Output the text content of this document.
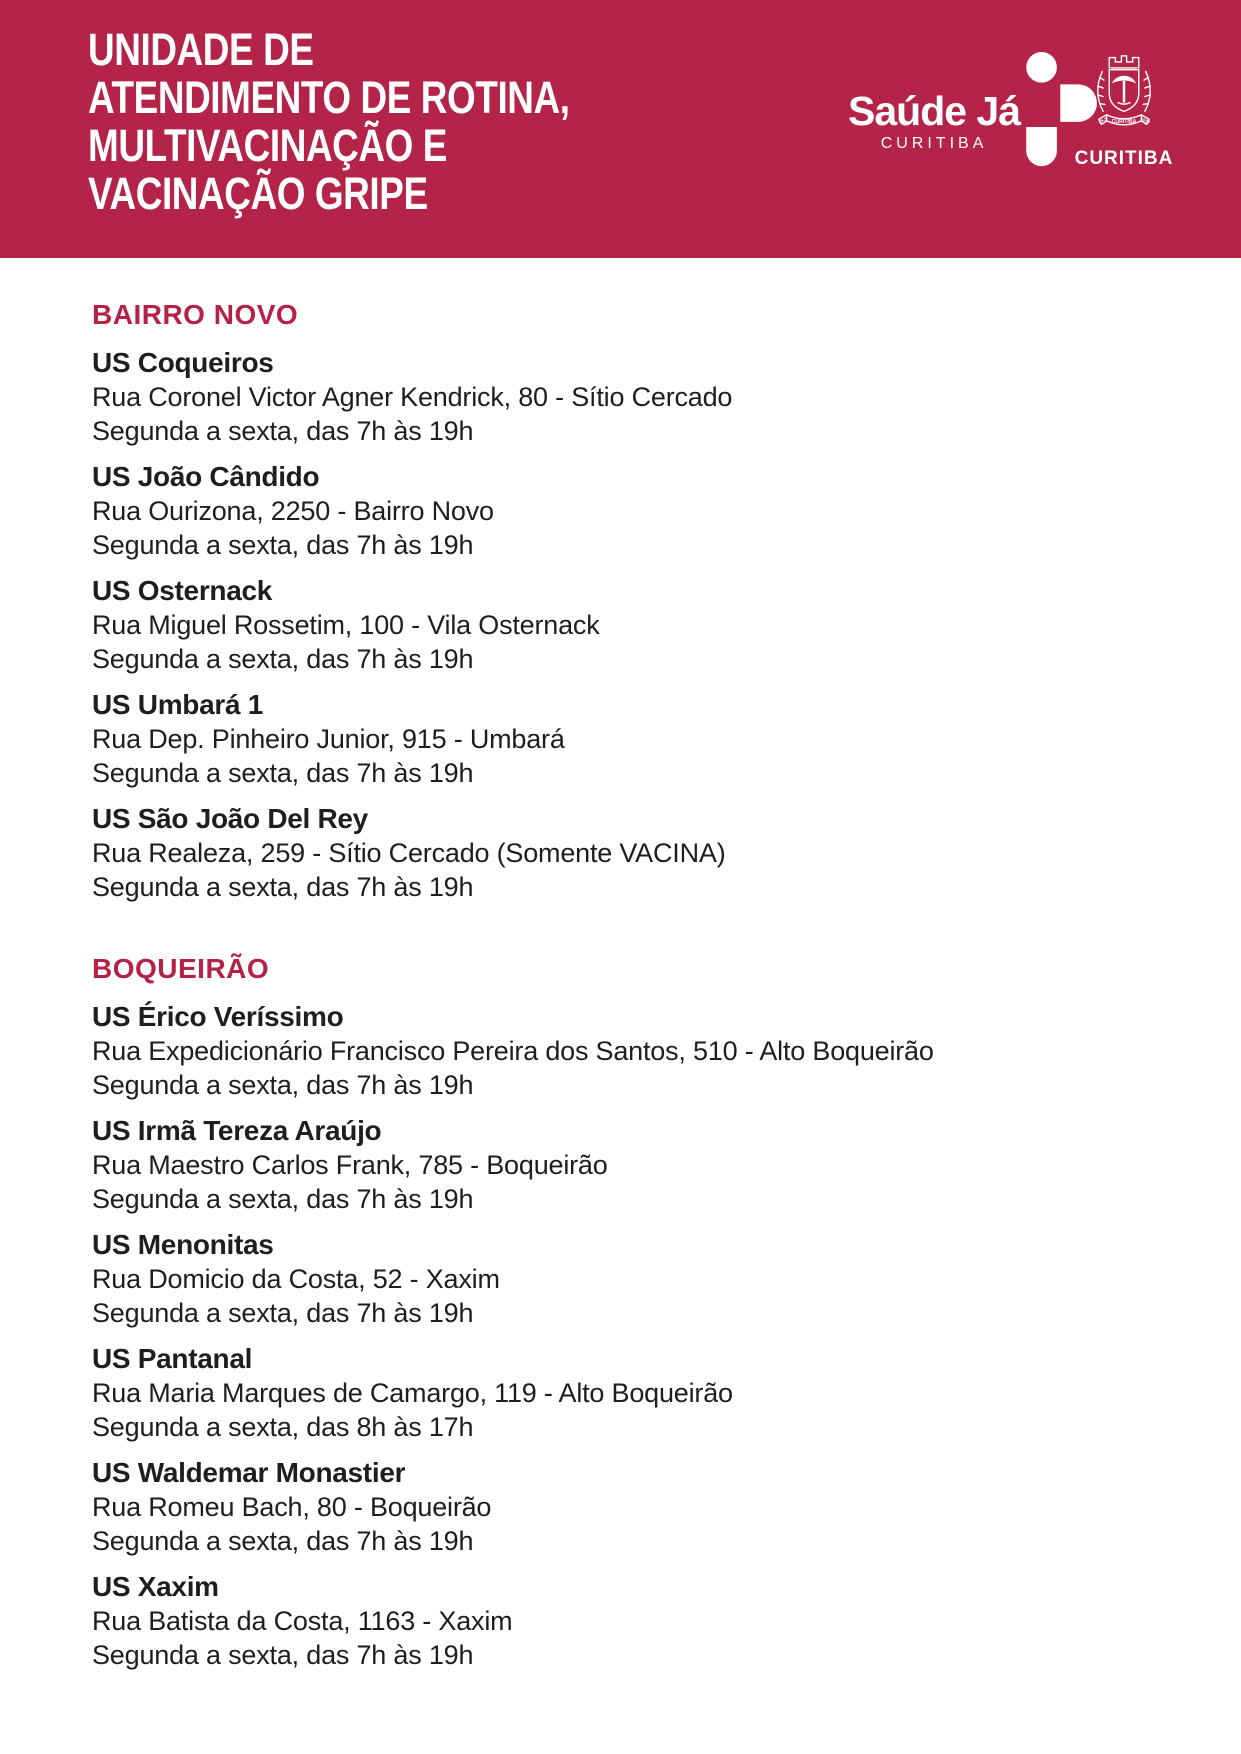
UNIDADE DE
ATENDIMENTO DE ROTINA,
MULTIVACINAÇÃO E
VACINAÇÃO GRIPE
Saúde Já
CURITIBA
CURITIBA
29-3	1693
CURITIBA
BAIRRO NOVO
US Coqueiros
Rua Coronel Victor Agner Kendrick, 80 - Sítio Cercado
Segunda a sexta, das 7h às 19h
US João Cândido
Rua Ourizona, 2250 - Bairro Novo
Segunda a sexta, das 7h às 19h
US Osternack
Rua Miguel Rossetim, 100 - Vila Osternack
Segunda a sexta, das 7h às 19h
US Umbará 1
Rua Dep. Pinheiro Junior, 915 - Umbará
Segunda a sexta, das 7h às 19h
US São João Del Rey
Rua Realeza, 259 - Sítio Cercado (Somente VACINA)
Segunda a sexta, das 7h às 19h
BOQUEIRÃO
US Érico Veríssimo
Rua Expedicionário Francisco Pereira dos Santos, 510 - Alto Boqueirão
Segunda a sexta, das 7h às 19h
US Irmã Tereza Araújo
Rua Maestro Carlos Frank, 785 - Boqueirão
Segunda a sexta, das 7h às 19h
US Menonitas
Rua Domicio da Costa, 52 - Xaxim
Segunda a sexta, das 7h às 19h
US Pantanal
Rua Maria Marques de Camargo, 119 - Alto Boqueirão
Segunda a sexta, das 8h às 17h
US Waldemar Monastier
Rua Romeu Bach, 80 - Boqueirão
Segunda a sexta, das 7h às 19h
US Xaxim
Rua Batista da Costa, 1163 - Xaxim
Segunda a sexta, das 7h às 19h
